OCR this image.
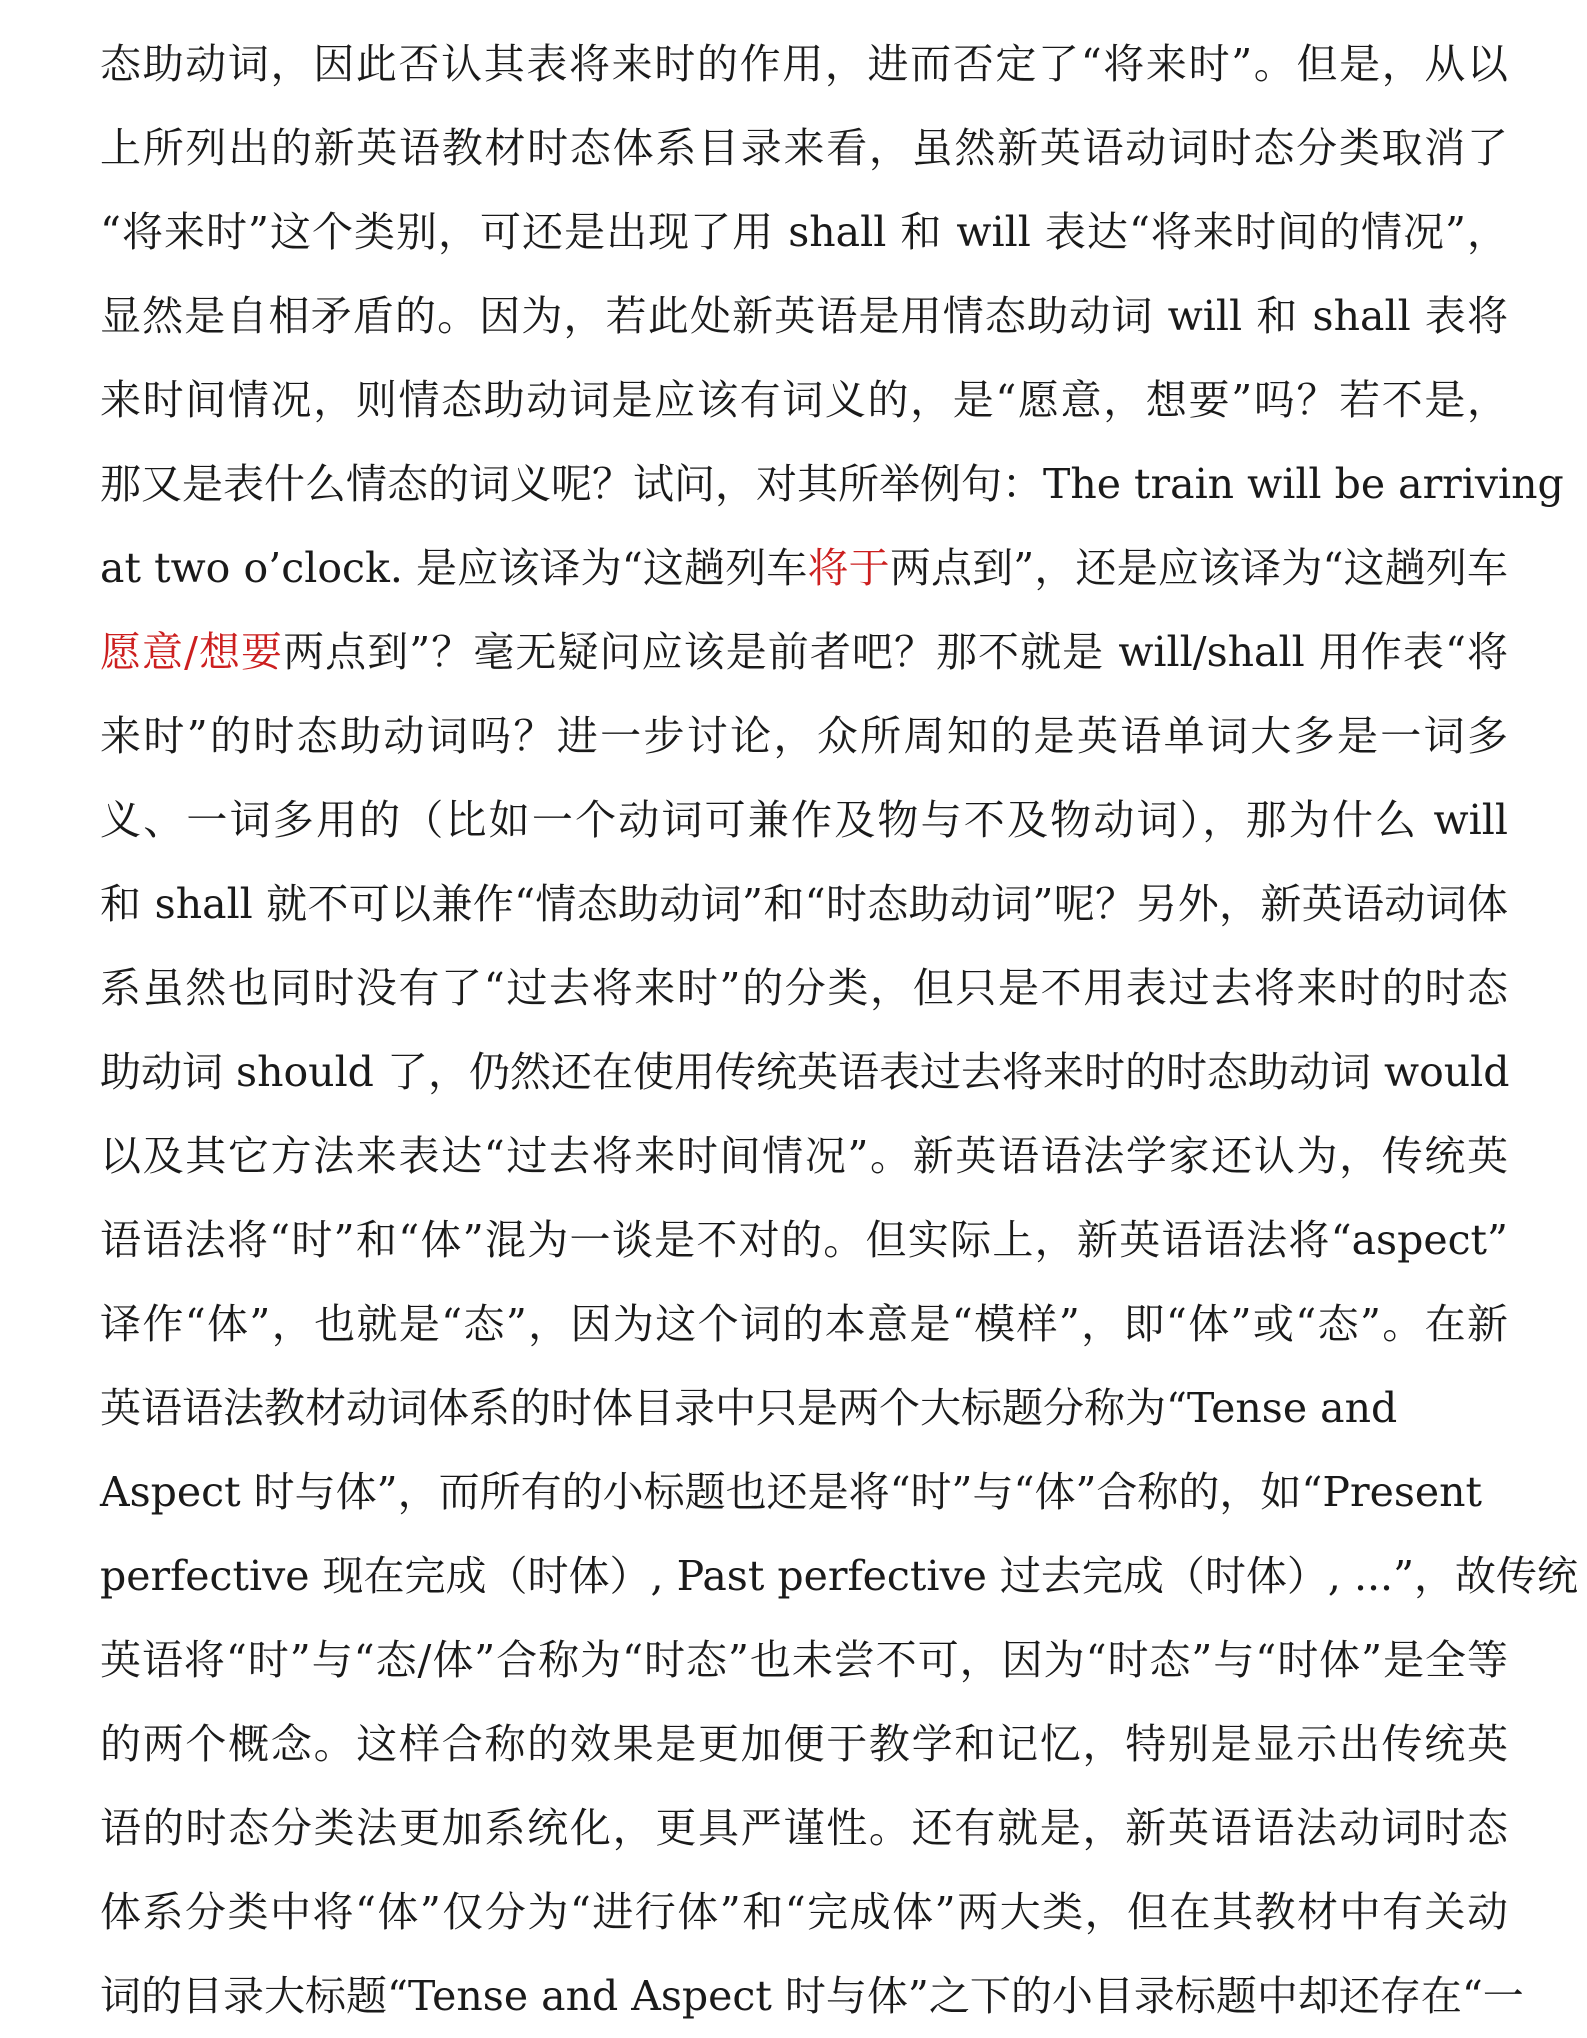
态助动词，因此否认其表将来时的作用，进而否定了“将来时”。但是，从以
上所列出的新英语教材时态体系目录来看，虽然新英语动词时态分类取消了
“将来时”这个类别，可还是出现了用 shall 和 will 表达“将来时间的情况”，
显然是自相矛盾的。因为，若此处新英语是用情态助动词 will 和 shall 表将
来时间情况，则情态助动词是应该有词义的，是“愿意，想要”吗？若不是，
那又是表什么情态的词义呢？试问，对其所举例句：The train will be arriving
at two o’clock. 是应该译为“这趟列车将于两点到”，还是应该译为“这趟列车
愿意/想要两点到”？毫无疑问应该是前者吧？那不就是 will/shall 用作表“将
来时”的时态助动词吗？进一步讨论，众所周知的是英语单词大多是一词多
义、一词多用的（比如一个动词可兼作及物与不及物动词），那为什么 will
和 shall 就不可以兼作“情态助动词”和“时态助动词”呢？另外，新英语动词体
系虽然也同时没有了“过去将来时”的分类，但只是不用表过去将来时的时态
助动词 should 了，仍然还在使用传统英语表过去将来时的时态助动词 would
以及其它方法来表达“过去将来时间情况”。新英语语法学家还认为，传统英
语语法将“时”和“体”混为一谈是不对的。但实际上，新英语语法将“aspect”
译作“体”，也就是“态”，因为这个词的本意是“模样”，即“体”或“态”。在新
英语语法教材动词体系的时体目录中只是两个大标题分称为“Tense and
Aspect 时与体”，而所有的小标题也还是将“时”与“体”合称的，如“Present
perfective 现在完成（时体）, Past perfective 过去完成（时体）, ...”，故传统
英语将“时”与“态/体”合称为“时态”也未尝不可，因为“时态”与“时体”是全等
的两个概念。这样合称的效果是更加便于教学和记忆，特别是显示出传统英
语的时态分类法更加系统化，更具严谨性。还有就是，新英语语法动词时态
体系分类中将“体”仅分为“进行体”和“完成体”两大类，但在其教材中有关动
词的目录大标题“Tense and Aspect 时与体”之下的小目录标题中却还存在“一
